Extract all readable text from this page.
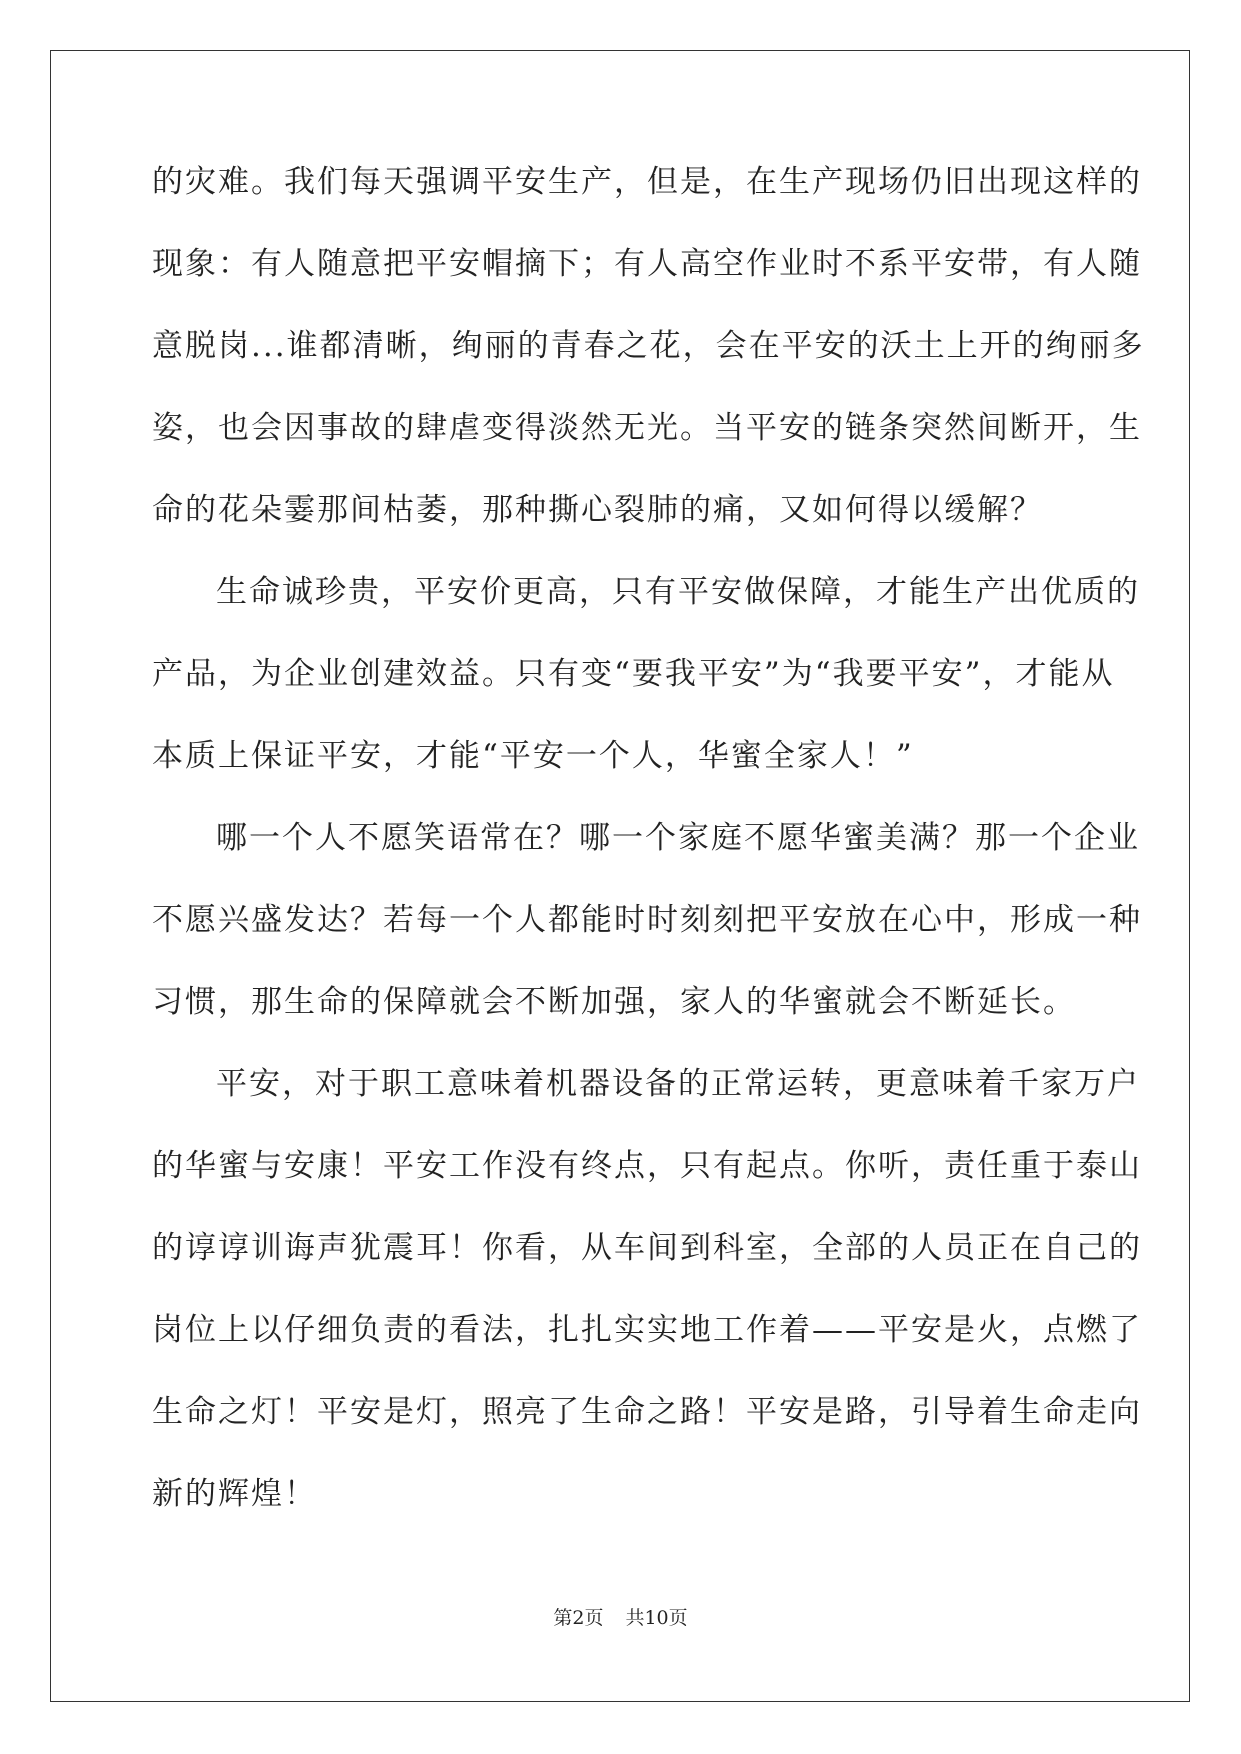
的 灾 难 。 我 们 每 天 强 调 平 安 生 产 ， 但 是 ， 在 生 产 现 场 仍 旧 出 现 这 样 的
现 象 ： 有 人 随 意 把 平 安 帽 摘 下 ； 有 人 高 空 作 业 时 不 系 平 安 带 ， 有 人 随
意 脱 岗 . . . 谁 都 清 晰 ， 绚 丽 的 青 春 之 花 ， 会 在 平 安 的 沃 土 上 开 的 绚 丽 多
姿 ， 也 会 因 事 故 的 肆 虐 变 得 淡 然 无 光 。 当 平 安 的 链 条 突 然 间 断 开 ， 生
命的花朵霎那间枯萎，那种撕心裂肺的痛，又如何得以缓解？
生 命 诚 珍 贵 ， 平 安 价 更 高 ， 只 有 平 安 做 保 障 ， 才 能 生 产 出 优 质 的
产 品 ， 为 企 业 创 建 效 益 。 只 有 变 “ 要 我 平 安 ” 为 “ 我 要 平 安 ” ， 才 能 从
本质上保证平安，才能“平安一个人，华蜜全家人！”
哪 一 个 人 不 愿 笑 语 常 在 ？ 哪 一 个 家 庭 不 愿 华 蜜 美 满 ？ 那 一 个 企 业
不 愿 兴 盛 发 达 ？ 若 每 一 个 人 都 能 时 时 刻 刻 把 平 安 放 在 心 中 ， 形 成 一 种
习惯，那生命的保障就会不断加强，家人的华蜜就会不断延长。
平 安 ， 对 于 职 工 意 味 着 机 器 设 备 的 正 常 运 转 ， 更 意 味 着 千 家 万 户
的 华 蜜 与 安 康 ！ 平 安 工 作 没 有 终 点 ， 只 有 起 点 。 你 听 ， 责 任 重 于 泰 山
的 谆 谆 训 诲 声 犹 震 耳 ！ 你 看 ， 从 车 间 到 科 室 ， 全 部 的 人 员 正 在 自 己 的
岗 位 上 以 仔 细 负 责 的 看 法 ， 扎 扎 实 实 地 工 作 着 — — 平 安 是 火 ， 点 燃 了
生 命 之 灯 ！ 平 安 是 灯 ， 照 亮 了 生 命 之 路 ！ 平 安 是 路 ， 引 导 着 生 命 走 向
新的辉煌！
第2页 共10页
